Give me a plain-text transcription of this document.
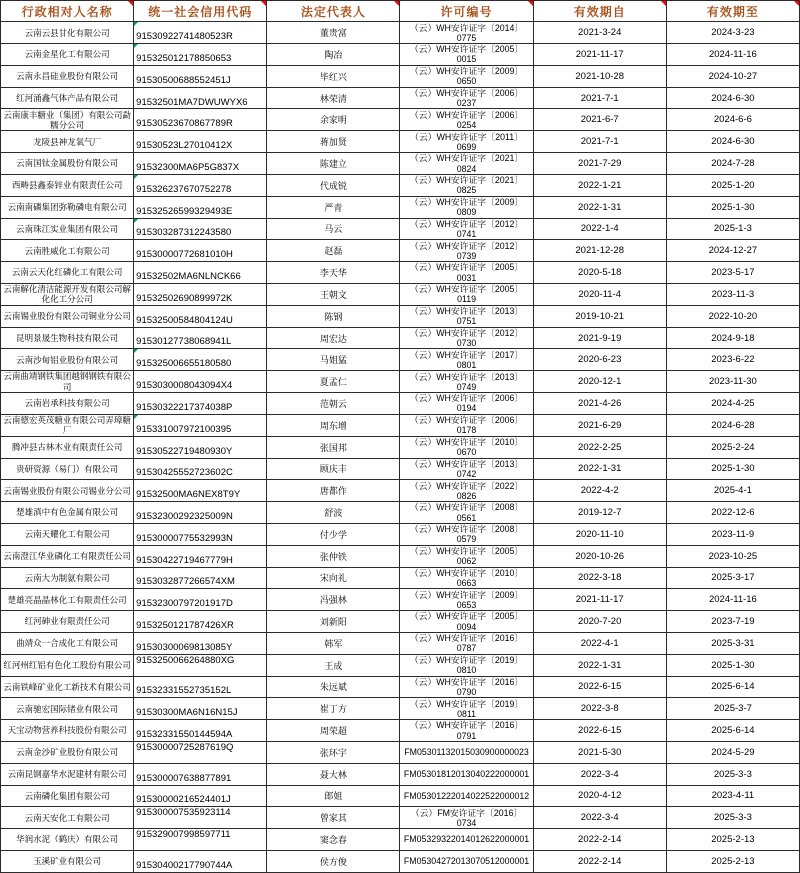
行政相对人名称	统一社会信用代码	法定代表人	许可编号	有效期自	有效期至

云南云县甘化有限公司	91530922741480523R	董贵富	（云）WH安许证字〔2014〕
0775	2021-3-24	2024-3-23
云南金星化工有限公司	915325012178850653	陶冶	（云）WH安许证字〔2005〕
0015	2021-11-17	2024-11-16
云南永昌硅业股份有限公司	91530500688552451J	毕红兴	（云）WH安许证字〔2009〕
0650	2021-10-28	2024-10-27
红河涌鑫气体产品有限公司	91532501MA7DWUWYX6	林荣清	（云）WH安许证字〔2006〕
0237	2021-7-1	2024-6-30
云南康丰糖业（集团）有限公司勐糯分公司	91530523670867789R	余家明	（云）WH安许证字〔2006〕
0254	2021-6-7	2024-6-6
龙陵县神龙氧气厂	91530523L27010412X	蒋加贤	（云）WH安许证字〔2011〕
0699	2021-7-1	2024-6-30
云南国钛金属股份有限公司	91532300MA6P5G837X	陈建立	（云）WH安许证字〔2021〕
0824	2021-7-29	2024-7-28
西畴县鑫泰锌业有限责任公司	915326237670752278	代成锐	（云）WH安许证字〔2021〕
0825	2022-1-21	2025-1-20
云南南磷集团弥勒磷电有限公司	91532526599329493E	严青	（云）WH安许证字〔2009〕
0809	2022-1-31	2025-1-30
云南珠江实业集团有限公司	915303287312243580	马云	（云）WH安许证字〔2012〕
0741	2022-1-4	2025-1-3
云南胜威化工有限公司	91530000772681010H	赵磊	（云）WH安许证字〔2012〕
0739	2021-12-28	2024-12-27
云南云天化红磷化工有限公司	91532502MA6NLNCK66	李天华	（云）WH安许证字〔2005〕
0031	2020-5-18	2023-5-17
云南解化清洁能源开发有限公司解化化工分公司	91532502690899972K	王朝文	（云）WH安许证字〔2005〕
0119	2020-11-4	2023-11-3
云南锡业股份有限公司铜业分公司	91532500584804124U	陈钢	（云）WH安许证字〔2013〕
0751	2019-10-21	2022-10-20
昆明景晟生物科技有限公司	91530127738068941L	周宏达	（云）WH安许证字〔2012〕
0730	2021-9-19	2024-9-18
云南沙甸铝业股份有限公司	915325006655180580	马姐猛	（云）WH安许证字〔2017〕
0801	2020-6-23	2023-6-22
云南曲靖钢铁集团越钢钢铁有限公司	9153030008043094X4	夏孟仁	（云）WH安许证字〔2013〕
0749	2020-12-1	2023-11-30
云南岩承科技有限公司	91530322217374038P	范朝云	（云）WH安许证字〔2006〕
0194	2021-4-26	2024-4-25
云南德宏英茂糖业有限公司弄璋糖厂	915331007972100395	周东增	（云）WH安许证字〔2006〕
0178	2021-6-29	2024-6-28
腾冲县古林木业有限责任公司	91530522719480930Y	张国邦	（云）WH安许证字〔2010〕
0670	2022-2-25	2025-2-24
贵研资源（易门）有限公司	91530425552723602C	顾庆丰	（云）WH安许证字〔2013〕
0742	2022-1-31	2025-1-30
云南锡业股份有限公司锡业分公司	91532500MA6NEX8T9Y	唐都作	（云）WH安许证字〔2022〕
0826	2022-4-2	2025-4-1
楚雄滇中有色金属有限公司	91532300292325009N	舒波	（云）WH安许证字〔2008〕
0561	2019-12-7	2022-12-6
云南天耀化工有限公司	91530000775532993N	付少学	（云）WH安许证字〔2008〕
0579	2020-11-10	2023-11-9
云南澄江华业磷化工有限责任公司	91530422719467779H	张仲铁	（云）WH安许证字〔2005〕
0062	2020-10-26	2023-10-25
云南大为制氨有限公司	9153032877266574XM	宋向礼	（云）WH安许证字〔2010〕
0663	2022-3-18	2025-3-17
楚雄亮晶晶林化工有限责任公司	91532300797201917D	冯强林	（云）WH安许证字〔2009〕
0653	2021-11-17	2024-11-16
红河砷业有限责任公司	9153250121787426XR	刘新阳	（云）WH安许证字〔2005〕
0094	2020-7-20	2023-7-19
曲靖众一合成化工有限公司	91530300069813085Y	韩军	（云）WH安许证字〔2016〕
0787	2022-4-1	2025-3-31
红河州红铝有色化工股份有限公司	9153250066264880XG	王成	（云）WH安许证字〔2019〕
0810	2022-1-31	2025-1-30
云南铁峰矿业化工新技术有限公司	91532331552735152L	朱远斌	（云）WH安许证字〔2016〕
0790	2022-6-15	2025-6-14
云南驰宏国际锗业有限公司	91530300MA6N16N15J	崔丁方	（云）WH安许证字〔2019〕
0811	2022-3-8	2025-3-7
天宝动物营养科技股份有限公司	91532331550144594A	周荣超	（云）WH安许证字〔2016〕
0791	2022-6-15	2025-6-14
云南金沙矿业股份有限公司	91530000725287619Q	张环宇	FM05301132015030900000023	2021-5-30	2024-5-29
云南昆钢嘉华水泥建材有限公司	915300007638877891	聂大林	FM05301812013040222000001	2022-3-4	2025-3-3
云南磷化集团有限公司	91530000216524401J	郎姐	FM05301222014022522000012	2020-4-12	2023-4-11
云南天安化工有限公司	915300007535923114	曾家其	（云）FM安许证字〔2016〕
0734	2022-3-4	2025-3-3
华润水泥（鹤庆）有限公司	915329007998597711	窦念春	FM05329322014012622000001	2022-2-14	2025-2-13
玉溪矿业有限公司	91530400217790744A	侯方俊	FM05304272013070512000001	2022-2-14	2025-2-13
